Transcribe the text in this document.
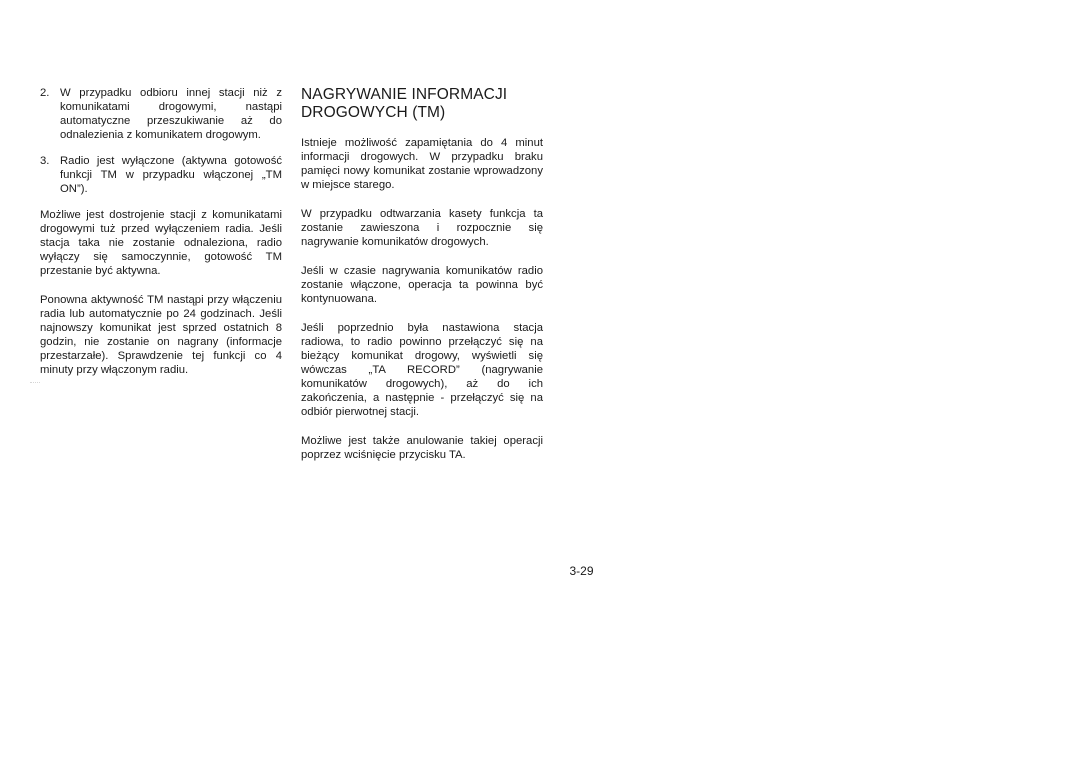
2. W przypadku odbioru innej stacji niż z komunikatami drogowymi, nastąpi automatyczne przeszukiwanie aż do odnalezienia z komunikatem drogowym.
3. Radio jest wyłączone (aktywna gotowość funkcji TM w przypadku włączonej „TM ON”).

Możliwe jest dostrojenie stacji z komunikatami drogowymi tuż przed wyłączeniem radia. Jeśli stacja taka nie zostanie odnaleziona, radio wyłączy się samoczynnie, gotowość TM przestanie być aktywna.

Ponowna aktywność TM nastąpi przy włączeniu radia lub automatycznie po 24 godzinach. Jeśli najnowszy komunikat jest sprzed ostatnich 8 godzin, nie zostanie on nagrany (informacje przestarzałe). Sprawdzenie tej funkcji co 4 minuty przy włączonym radiu.

NAGRYWANIE INFORMACJI DROGOWYCH (TM)

Istnieje możliwość zapamiętania do 4 minut informacji drogowych. W przypadku braku pamięci nowy komunikat zostanie wprowadzony w miejsce starego.

W przypadku odtwarzania kasety funkcja ta zostanie zawieszona i rozpocznie się nagrywanie komunikatów drogowych.

Jeśli w czasie nagrywania komunikatów radio zostanie włączone, operacja ta powinna być kontynuowana.

Jeśli poprzednio była nastawiona stacja radiowa, to radio powinno przełączyć się na bieżący komunikat drogowy, wyświetli się wówczas „TA RECORD” (nagrywanie komunikatów drogowych), aż do ich zakończenia, a następnie - przełączyć się na odbiór pierwotnej stacji.

Możliwe jest także anulowanie takiej operacji poprzez wciśnięcie przycisku TA.

3-29
